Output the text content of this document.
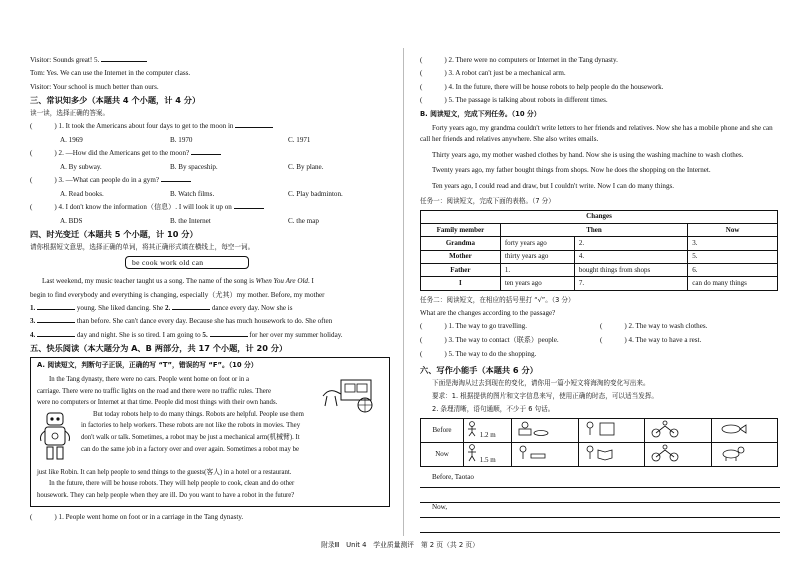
Visitor: Sounds great! 5.

Tom: Yes. We can use the Internet in the computer class.

Visitor: Your school is much better than ours.

三、常识知多少（本题共 4 个小题，计 4 分）
读一读，选择正确的答案。

(	) 1. It took the Americans about four days to get to the moon in

A. 1969	B. 1970	C. 1971

(	) 2. —How did the Americans get to the moon?

A. By subway.	B. By spaceship.	C. By plane.

(	) 3. —What can people do in a gym?

A. Read books.	B. Watch films.	C. Play badminton.

(	) 4. I don't know the information（信息）. I will look it up on

A. BDS	B. the Internet	C. the map
四、时光变迁（本题共 5 个小题，计 10 分）
请你根据短文意思，选择正确的单词，将其正确形式填在横线上，每空一词。
be cook work old can

Last weekend, my music teacher taught us a song. The name of the song is When You Are Old. I

begin to find everybody and everything is changing, especially（尤其）my mother. Before, my mother

1.	young. She liked dancing. She 2.	dance every day. Now she is

3.	than before. She can't dance every day. Because she has much housework to do. She often

4.	day and night. She is so tired. I am going to 5.	for her over my summer holiday.

五、快乐阅读（本大题分为 A、B 两部分，共 17 个小题，计 20 分）
A. 阅读短文，判断句子正误，正确的写 “T”，错误的写 “F”。（10 分）

In the Tang dynasty, there were no cars. People went home on foot or in a

carriage. There were no traffic lights on the road and there were no traffic rules. There

were no computers or Internet at that time. People did most things with their own hands.

But today robots help to do many things. Robots are helpful. People use them

in factories to help workers. These robots are not like the robots in movies. They

don't walk or talk. Sometimes, a robot may be just a mechanical arm(机械臂). It

can do the same job in a factory over and over again. Sometimes a robot may be

just like Robin. It can help people to send things to the guests(客人) in a hotel or a restaurant.

In the future, there will be house robots. They will help people to cook, clean and do other

housework. They can help people when they are ill. Do you want to have a robot in the future?

(	) 1. People went home on foot or in a carriage in the Tang dynasty.

(	) 2. There were no computers or Internet in the Tang dynasty.

(	) 3. A robot can't just be a mechanical arm.

(	) 4. In the future, there will be house robots to help people do the housework.

(	) 5. The passage is talking about robots in different times.

B. 阅读短文，完成下列任务。（10 分）

Forty years ago, my grandma couldn't write letters to her friends and relatives. Now she has a mobile phone and she can call her friends and relatives anywhere. She also writes emails.

Thirty years ago, my mother washed clothes by hand. Now she is using the washing machine to wash clothes.

Twenty years ago, my father bought things from shops. Now he does the shopping on the Internet.

Ten years ago, I could read and draw, but I couldn't write. Now I can do many things.

任务一：阅读短文，完成下面的表格。（7 分）
Changes			
Family member	Then		Now
Grandma	forty years ago	2.	3.
Mother	thirty years ago	4.	5.
Father	1.	bought things from shops	6.
I	ten years ago	7.	can do many things
任务二：阅读短文，在相应的括号里打 “√”。（3 分）

What are the changes according to the passage?

(	) 1. The way to go travelling.	(	) 2. The way to wash clothes.
(	) 3. The way to contact（联系）people.	(	) 4. The way to have a rest.
(	) 5. The way to do the shopping.
六、写作小能手（本题共 6 分）
下面是海淘从过去到现在的变化，请你用一篇小短文将海淘的变化写出来。
要求：1. 根据提供的图片和文字信息来写，使用正确的时态，可以适当发挥。
2. 条理清晰，语句通顺，不少于 6 句话。
Before	1.2 m				
Now	1.5 m				
Before, Taotao
Now,
附录Ⅲ　Unit 4　学业质量测评　第 2 页（共 2 页）
